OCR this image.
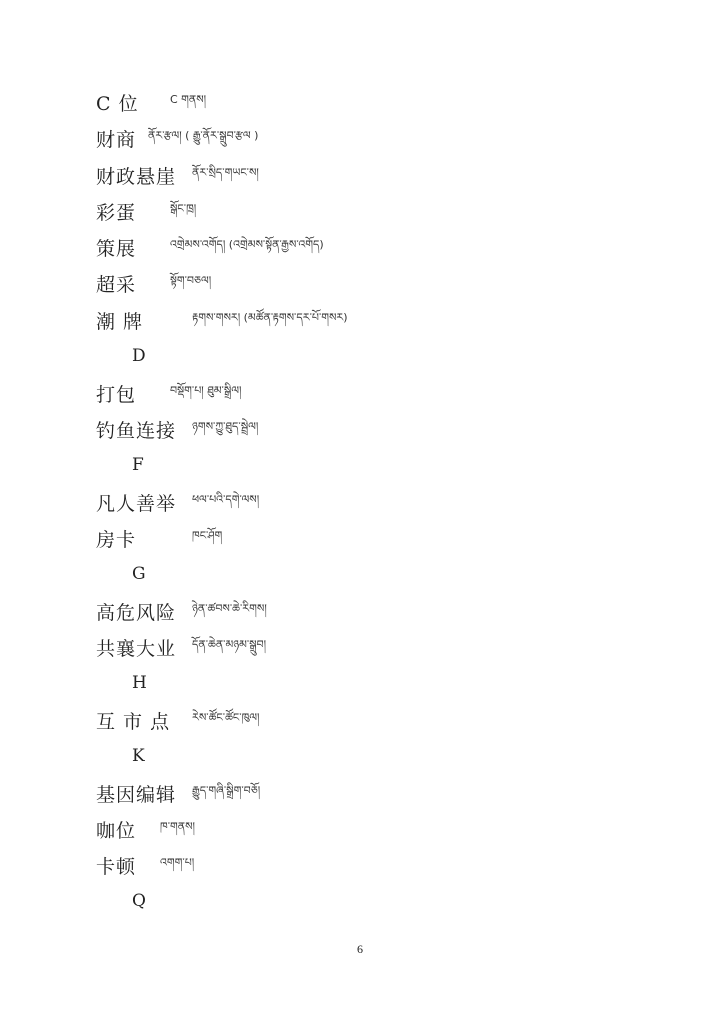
C 位	C གནས།
财商	ནོར་རྩལ། ( རྒྱུ་ནོར་སྒྲུབ་རྩལ )
财政悬崖	ནོར་སྲིད་གཡང་ས།
彩蛋	སྒོང་ཁྲ།
策展	འགྲེམས་འགོད། (འགྲེམས་སྟོན་རྒྱས་འགོད)
超采	སྟོག་བཅལ།
潮 牌	རྟགས་གསར། (མཚོན་རྟགས་དར་པོ་གསར)
D
打包	བསྡོག་པ། ཐུམ་སྒྲིལ།
钓鱼连接	ཉགས་ཀྱུ་ཐུད་སྦྲེལ།
F
凡人善举	ཕལ་པའི་དགེ་ལས།
房卡	ཁང་ཤོག
G
高危风险	ཉེན་ཚབས་ཆེ་རིགས།
共襄大业	དོན་ཆེན་མཉམ་སྒྲུབ།
H
互 市 点	རེས་ཚོང་ཚོང་ཁུལ།
K
基因编辑	རྒྱུད་གཞི་སྒྲིག་བཅོ།
咖位	ཁ་གནས།
卡顿	འགག་པ།
Q
6
